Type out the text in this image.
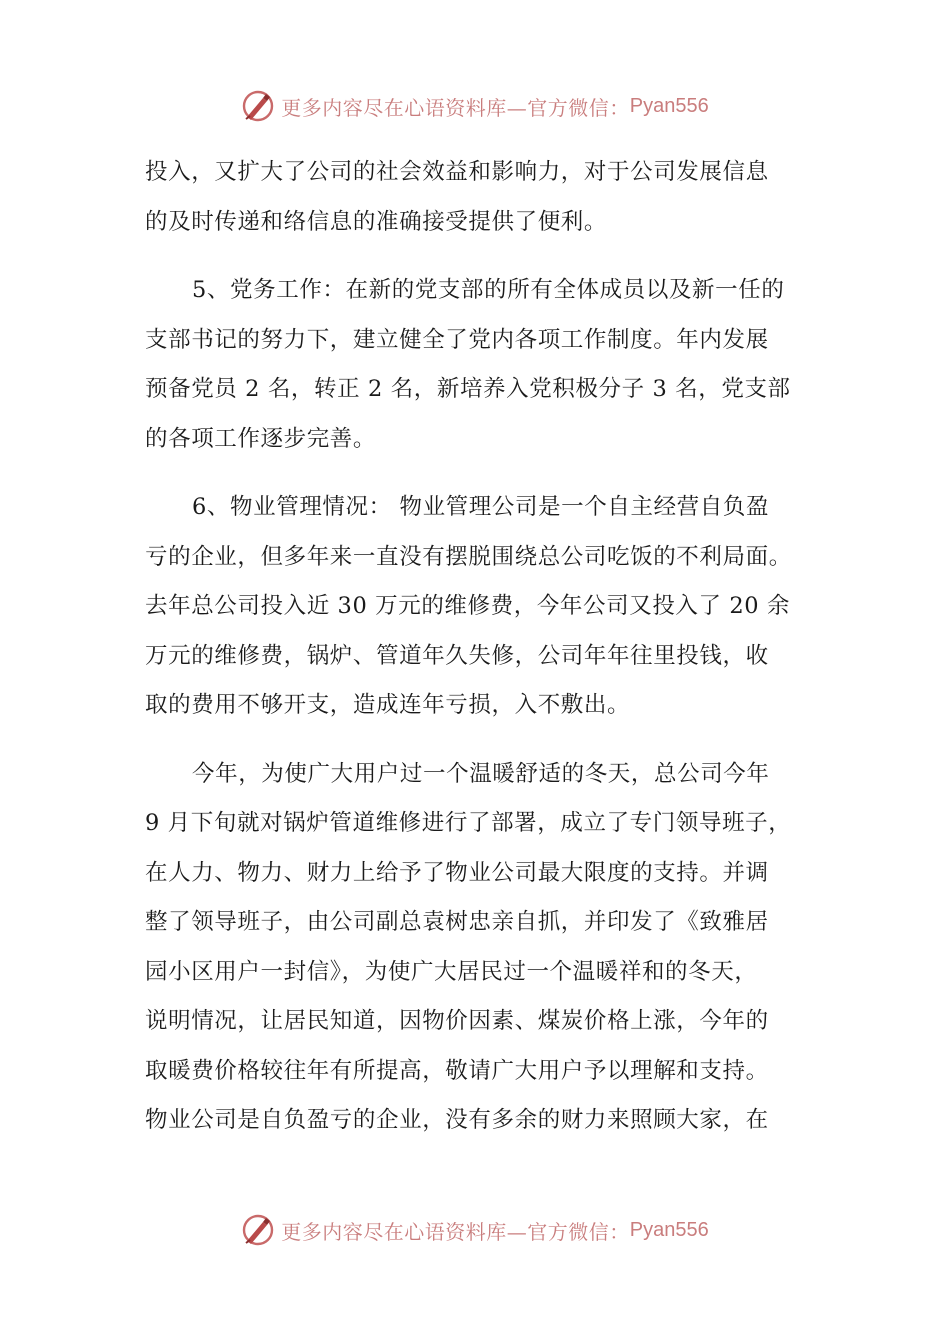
更多内容尽在心语资料库—官方微信： Pyan556

投入，又扩大了公司的社会效益和影响力，对于公司发展信息

的及时传递和络信息的准确接受提供了便利。

5、党务工作：在新的党支部的所有全体成员以及新一任的

支部书记的努力下，建立健全了党内各项工作制度。年内发展

预备党员 2 名，转正 2 名，新培养入党积极分子 3 名，党支部

的各项工作逐步完善。

6、物业管理情况： 物业管理公司是一个自主经营自负盈

亏的企业，但多年来一直没有摆脱围绕总公司吃饭的不利局面。

去年总公司投入近 30 万元的维修费，今年公司又投入了 20 余

万元的维修费，锅炉、管道年久失修，公司年年往里投钱，收

取的费用不够开支，造成连年亏损，入不敷出。

今年，为使广大用户过一个温暖舒适的冬天，总公司今年

9 月下旬就对锅炉管道维修进行了部署，成立了专门领导班子，

在人力、物力、财力上给予了物业公司最大限度的支持。并调

整了领导班子，由公司副总袁树忠亲自抓，并印发了《致雅居

园小区用户一封信》，为使广大居民过一个温暖祥和的冬天，

说明情况，让居民知道，因物价因素、煤炭价格上涨，今年的

取暖费价格较往年有所提高，敬请广大用户予以理解和支持。

物业公司是自负盈亏的企业，没有多余的财力来照顾大家，在

更多内容尽在心语资料库—官方微信： Pyan556
